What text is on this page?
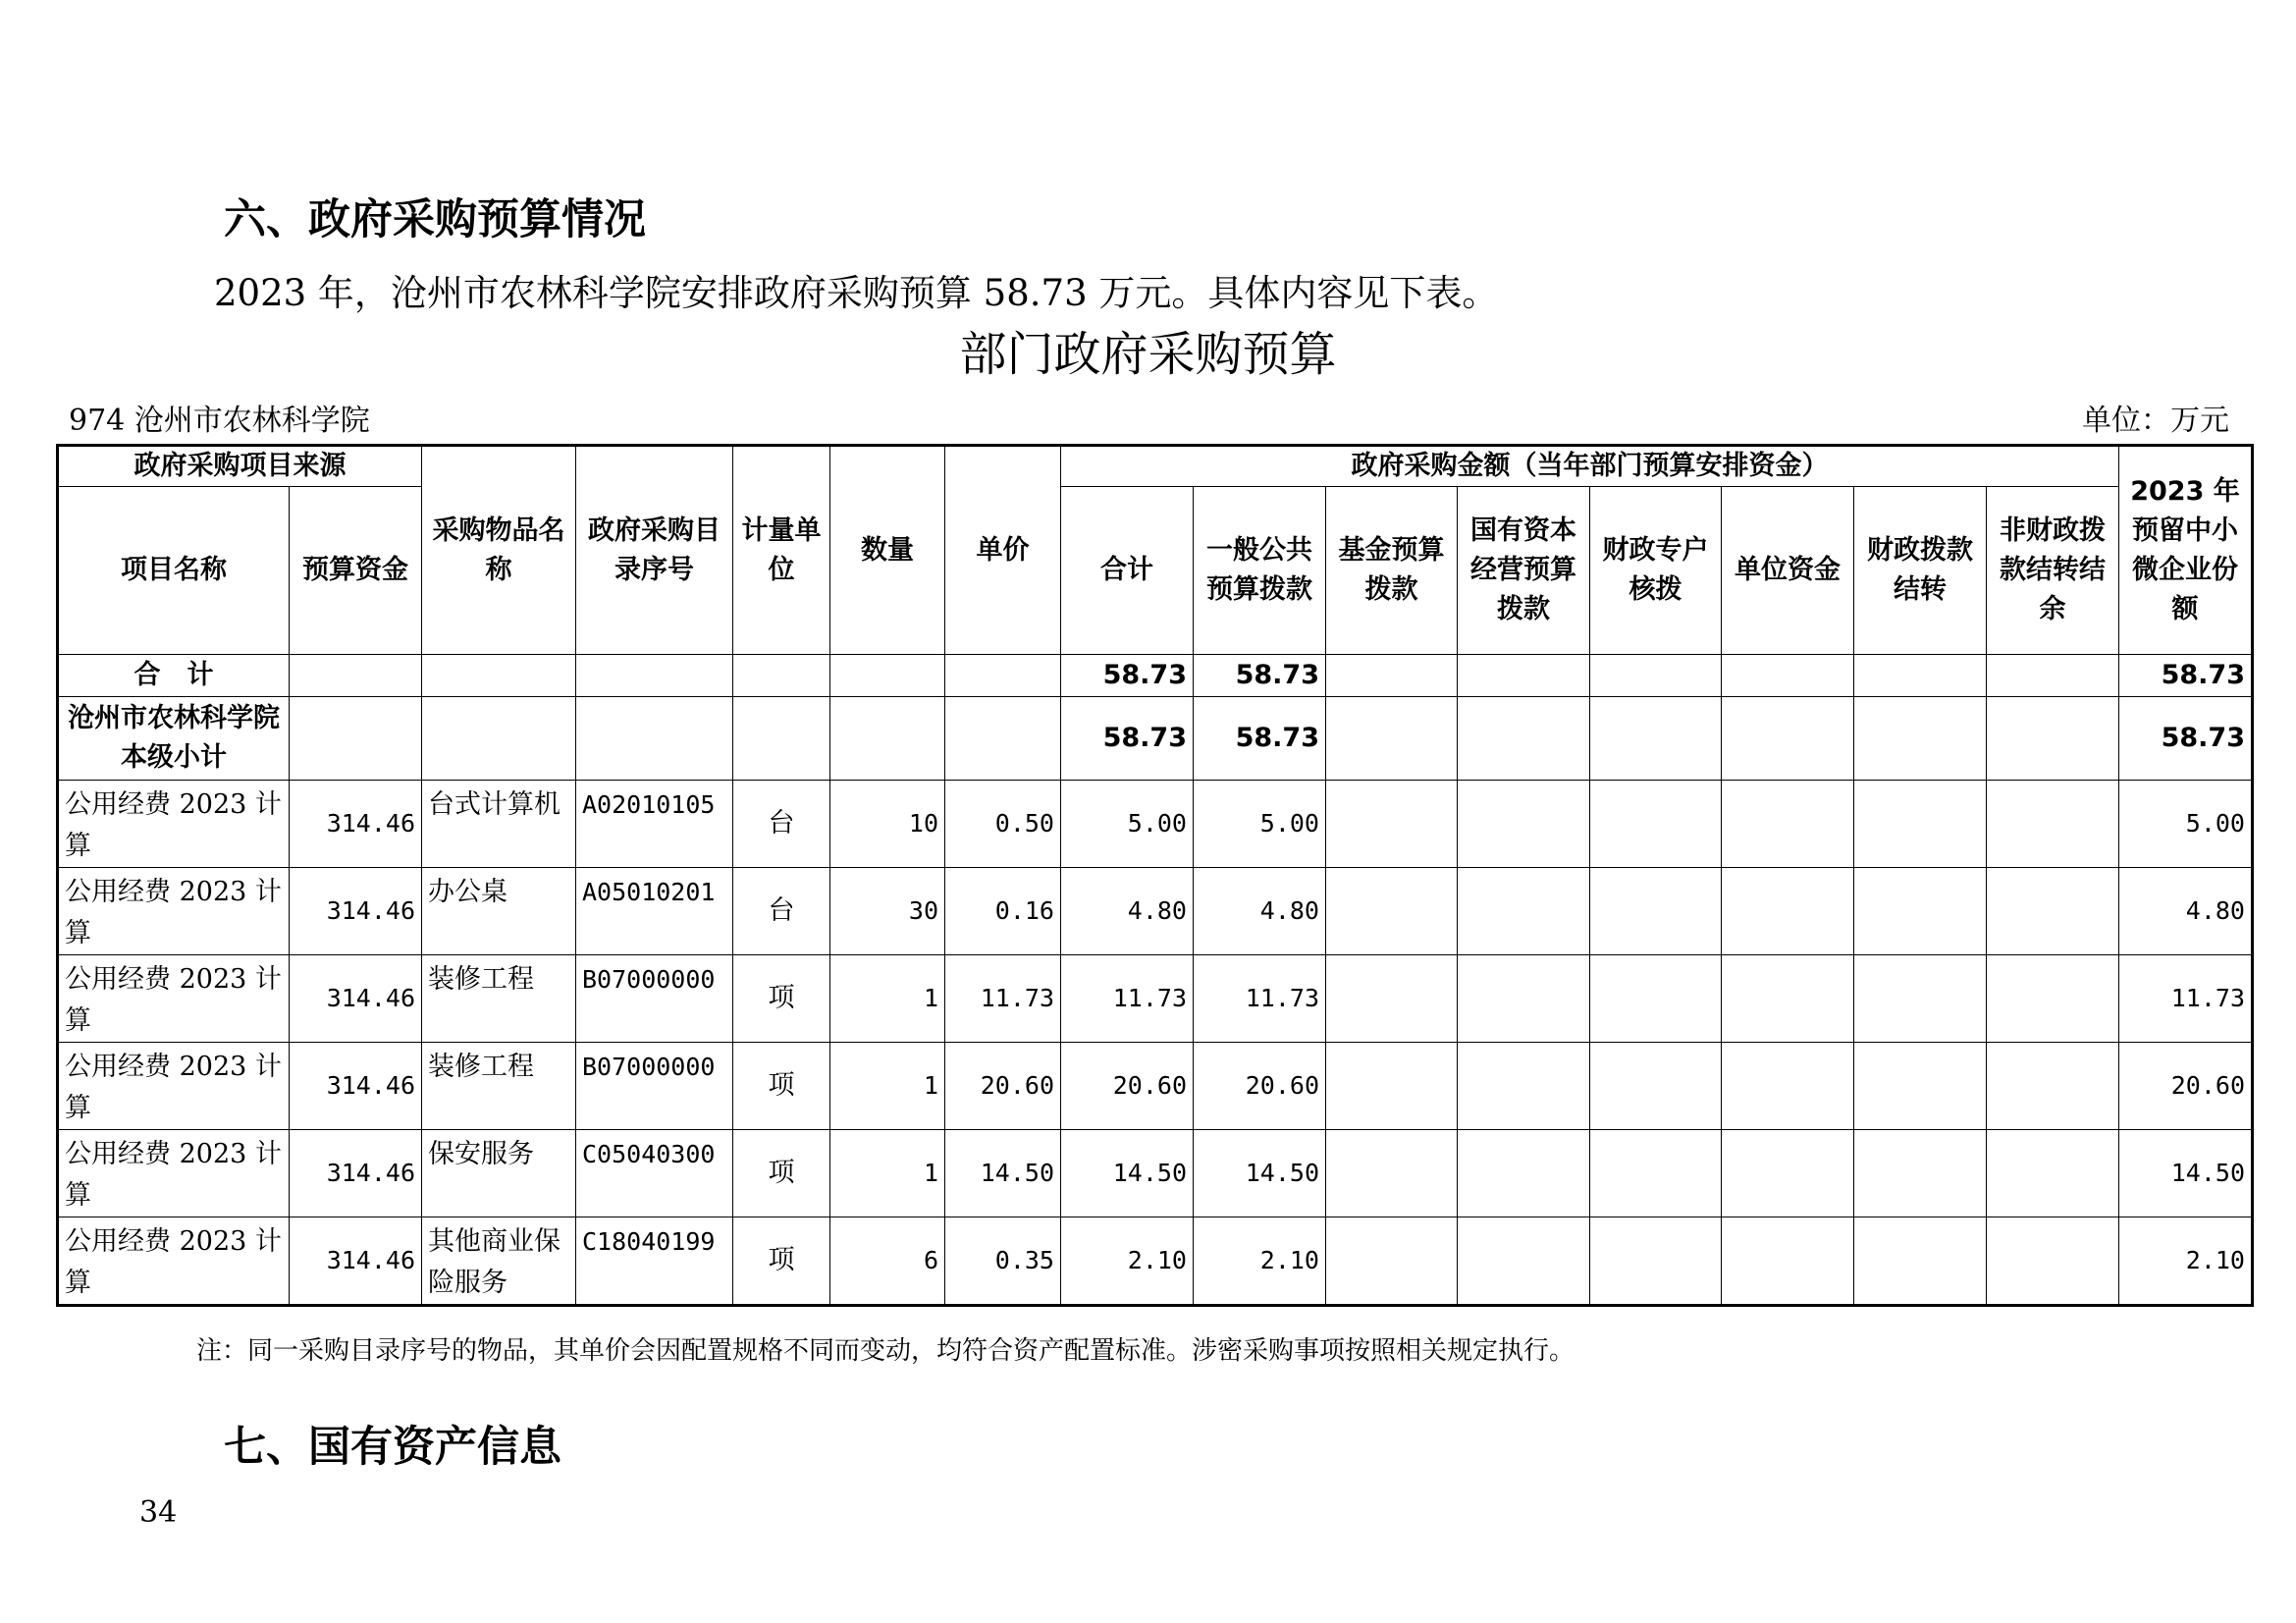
六、政府采购预算情况
2023 年，沧州市农林科学院安排政府采购预算 58.73 万元。具体内容见下表。
部门政府采购预算
974 沧州市农林科学院	单位：万元
政府采购项目来源		采购物品名称	政府采购目录序号	计量单位	数量	单价	政府采购金额（当年部门预算安排资金）								2023 年预留中小微企业份额
项目名称	预算资金						合计	一般公共预算拨款	基金预算拨款	国有资本经营预算拨款	财政专户核拨	单位资金	财政拨款结转	非财政拨款结转结余	
合　计							58.73	58.73							58.73
沧州市农林科学院本级小计							58.73	58.73							58.73
公用经费 2023 计算	314.46	台式计算机	A02010105	台	10	0.50	5.00	5.00							5.00
公用经费 2023 计算	314.46	办公桌	A05010201	台	30	0.16	4.80	4.80							4.80
公用经费 2023 计算	314.46	装修工程	B07000000	项	1	11.73	11.73	11.73							11.73
公用经费 2023 计算	314.46	装修工程	B07000000	项	1	20.60	20.60	20.60							20.60
公用经费 2023 计算	314.46	保安服务	C05040300	项	1	14.50	14.50	14.50							14.50
公用经费 2023 计算	314.46	其他商业保险服务	C18040199	项	6	0.35	2.10	2.10							2.10
注：同一采购目录序号的物品，其单价会因配置规格不同而变动，均符合资产配置标准。涉密采购事项按照相关规定执行。
七、国有资产信息
34
